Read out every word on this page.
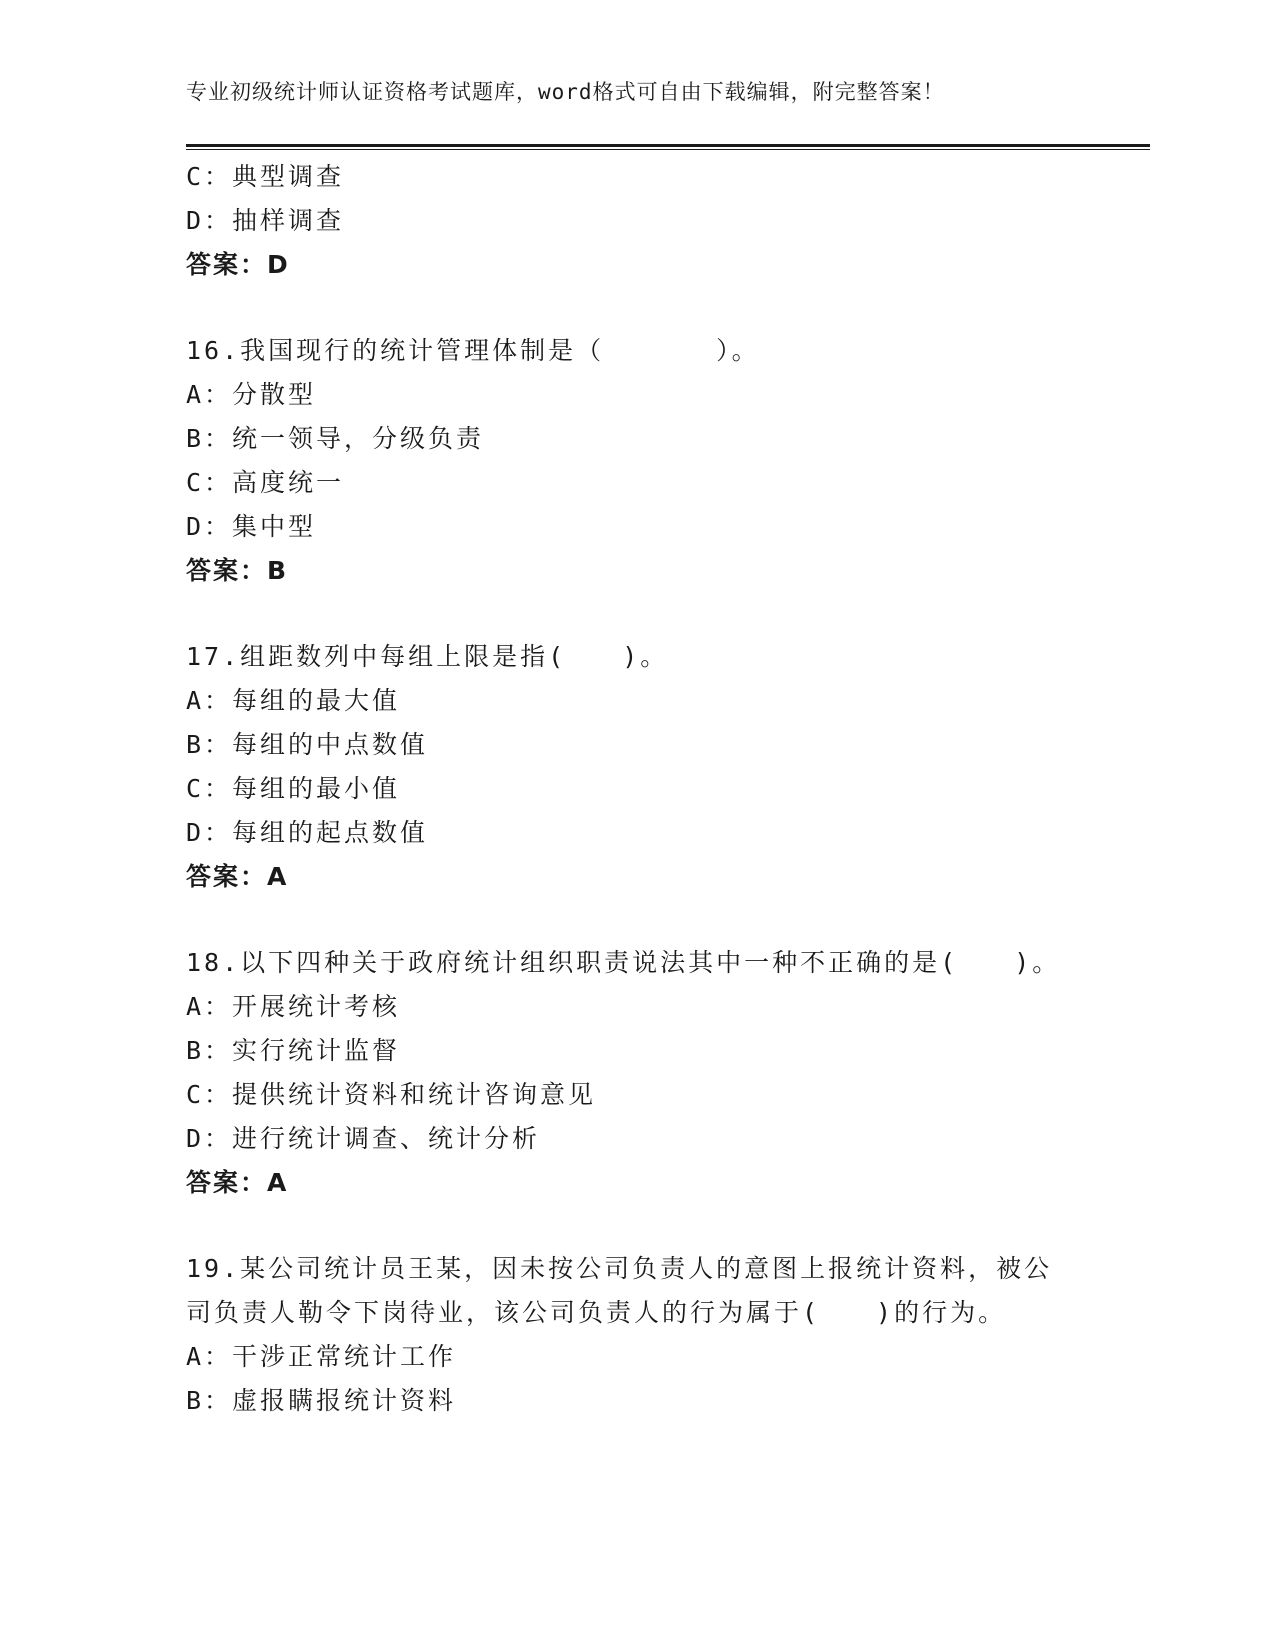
专业初级统计师认证资格考试题库，word格式可自由下载编辑，附完整答案！
C：典型调查
D：抽样调查
答案：D
16.我国现行的统计管理体制是（　　　　）。
A：分散型
B：统一领导，分级负责
C：高度统一
D：集中型
答案：B
17.组距数列中每组上限是指(　　)。
A：每组的最大值
B：每组的中点数值
C：每组的最小值
D：每组的起点数值
答案：A
18.以下四种关于政府统计组织职责说法其中一种不正确的是(　　)。
A：开展统计考核
B：实行统计监督
C：提供统计资料和统计咨询意见
D：进行统计调查、统计分析
答案：A
19.某公司统计员王某，因未按公司负责人的意图上报统计资料，被公
司负责人勒令下岗待业，该公司负责人的行为属于(　　)的行为。
A：干涉正常统计工作
B：虚报瞒报统计资料
